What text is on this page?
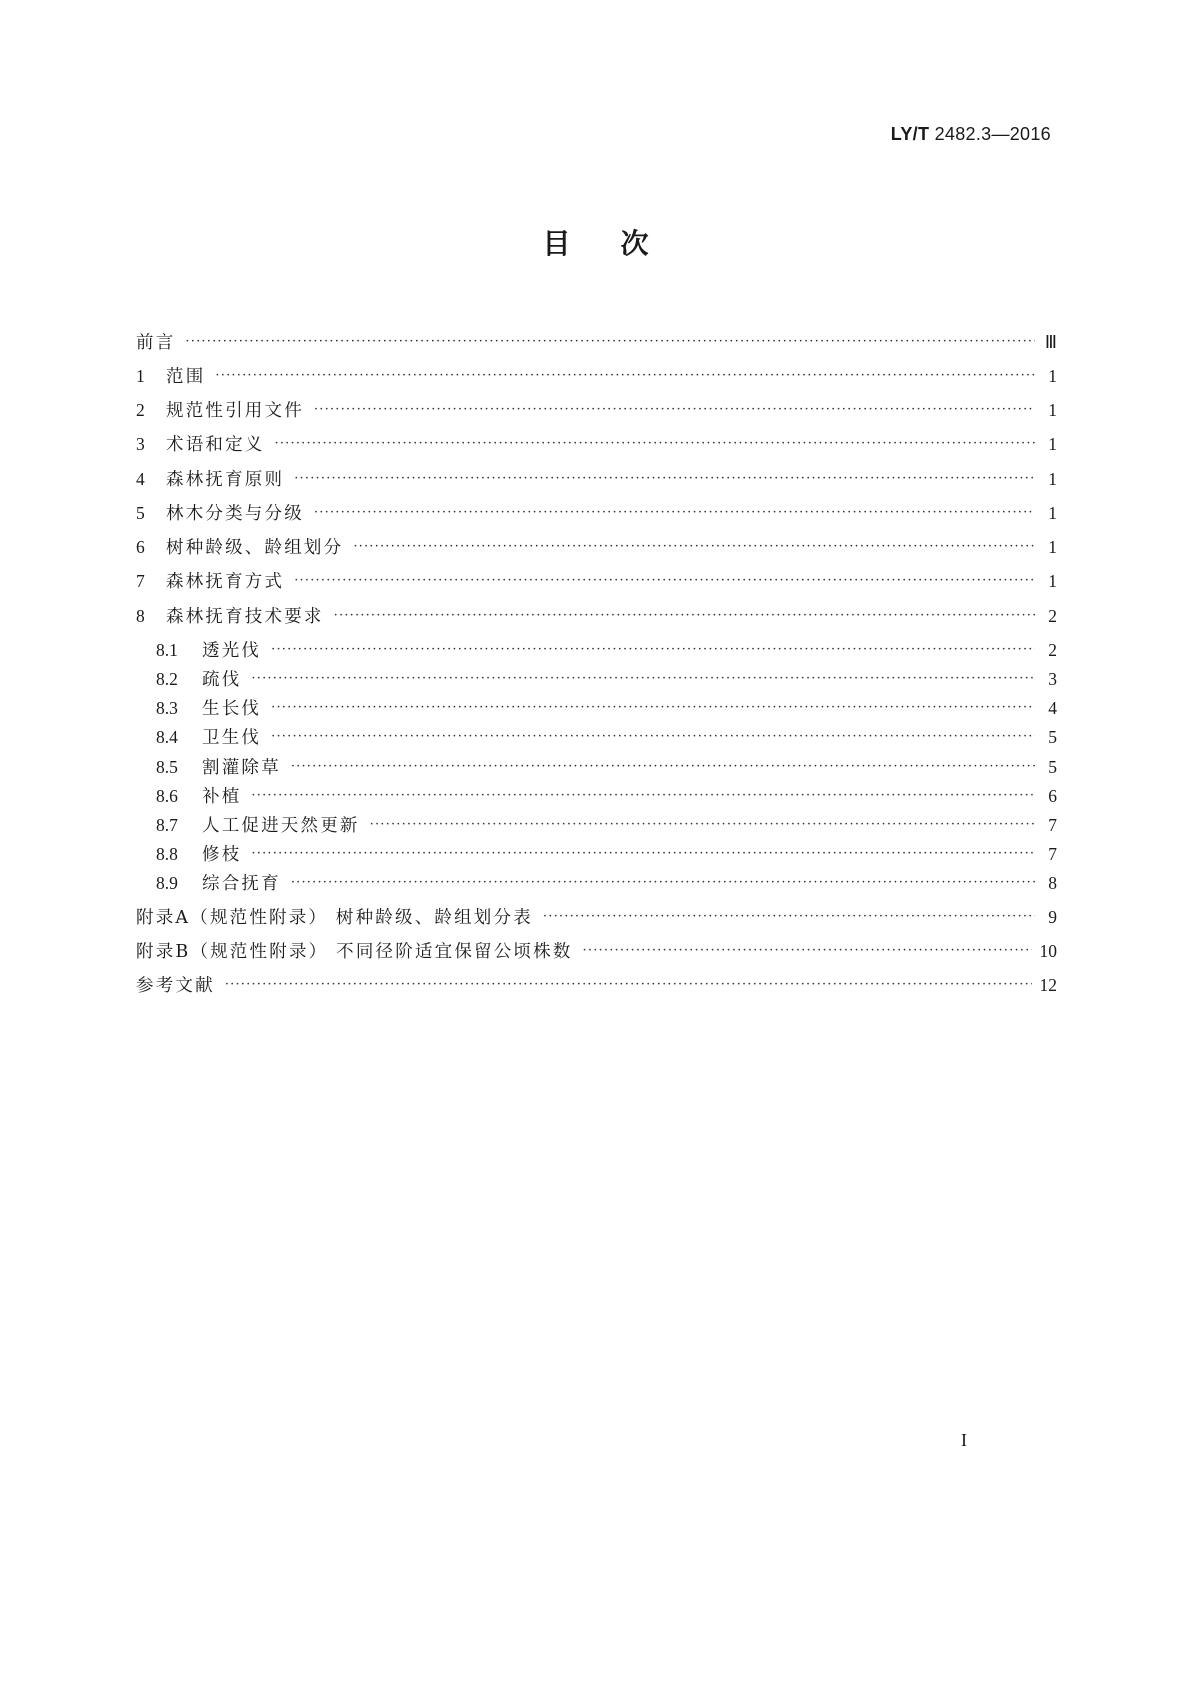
LY/T 2482.3—2016
目次
前言 ·····	Ⅲ
1	范围 ·····	1
2	规范性引用文件 ·····	1
3	术语和定义 ·····	1
4	森林抚育原则 ·····	1
5	林木分类与分级 ·····	1
6	树种龄级、龄组划分 ·····	1
7	森林抚育方式 ·····	1
8	森林抚育技术要求 ·····	2
8.1	透光伐 ·····	2
8.2	疏伐 ·····	3
8.3	生长伐 ·····	4
8.4	卫生伐 ·····	5
8.5	割灌除草 ·····	5
8.6	补植 ·····	6
8.7	人工促进天然更新 ·····	7
8.8	修枝 ·····	7
8.9	综合抚育 ·····	8
附录A（规范性附录） 树种龄级、龄组划分表 ·····	9
附录B（规范性附录） 不同径阶适宜保留公顷株数 ·····	10
参考文献 ·····	12
I
